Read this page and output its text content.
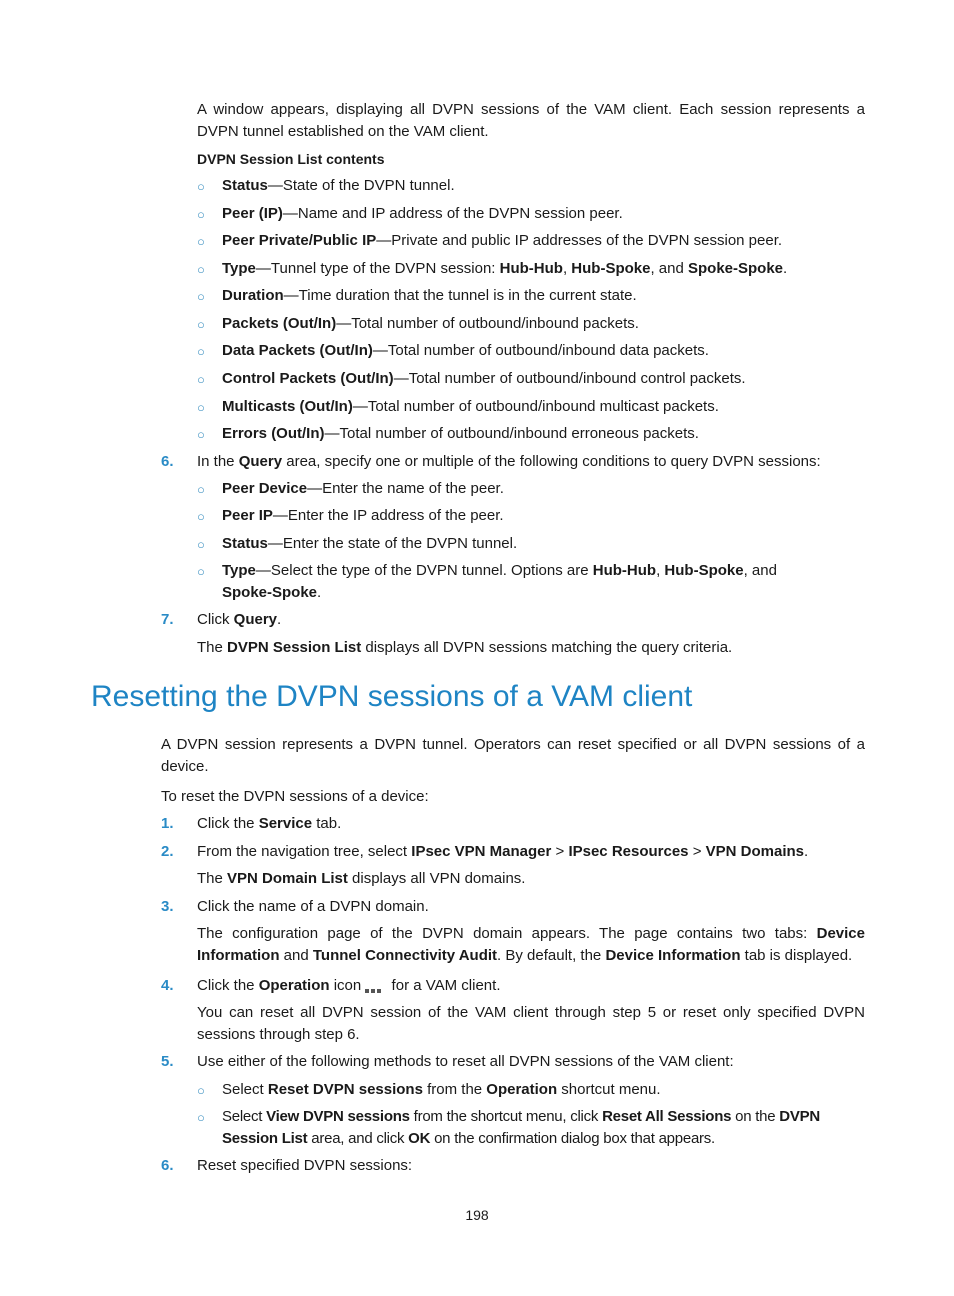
A window appears, displaying all DVPN sessions of the VAM client. Each session represents a DVPN tunnel established on the VAM client.

DVPN Session List contents
○ Status—State of the DVPN tunnel.
○ Peer (IP)—Name and IP address of the DVPN session peer.
○ Peer Private/Public IP—Private and public IP addresses of the DVPN session peer.
○ Type—Tunnel type of the DVPN session: Hub-Hub, Hub-Spoke, and Spoke-Spoke.
○ Duration—Time duration that the tunnel is in the current state.
○ Packets (Out/In)—Total number of outbound/inbound packets.
○ Data Packets (Out/In)—Total number of outbound/inbound data packets.
○ Control Packets (Out/In)—Total number of outbound/inbound control packets.
○ Multicasts (Out/In)—Total number of outbound/inbound multicast packets.
○ Errors (Out/In)—Total number of outbound/inbound erroneous packets.
6. In the Query area, specify one or multiple of the following conditions to query DVPN sessions:
○ Peer Device—Enter the name of the peer.
○ Peer IP—Enter the IP address of the peer.
○ Status—Enter the state of the DVPN tunnel.
○ Type—Select the type of the DVPN tunnel. Options are Hub-Hub, Hub-Spoke, and Spoke-Spoke.
7. Click Query.
The DVPN Session List displays all DVPN sessions matching the query criteria.
Resetting the DVPN sessions of a VAM client

A DVPN session represents a DVPN tunnel. Operators can reset specified or all DVPN sessions of a device.

To reset the DVPN sessions of a device:

1. Click the Service tab.
2. From the navigation tree, select IPsec VPN Manager > IPsec Resources > VPN Domains.
The VPN Domain List displays all VPN domains.
3. Click the name of a DVPN domain.
The configuration page of the DVPN domain appears. The page contains two tabs: Device Information and Tunnel Connectivity Audit. By default, the Device Information tab is displayed.
4. Click the Operation icon  for a VAM client.
You can reset all DVPN session of the VAM client through step 5 or reset only specified DVPN sessions through step 6.
5. Use either of the following methods to reset all DVPN sessions of the VAM client:
○ Select Reset DVPN sessions from the Operation shortcut menu.
○ Select View DVPN sessions from the shortcut menu, click Reset All Sessions on the DVPN Session List area, and click OK on the confirmation dialog box that appears.
6. Reset specified DVPN sessions:
198
